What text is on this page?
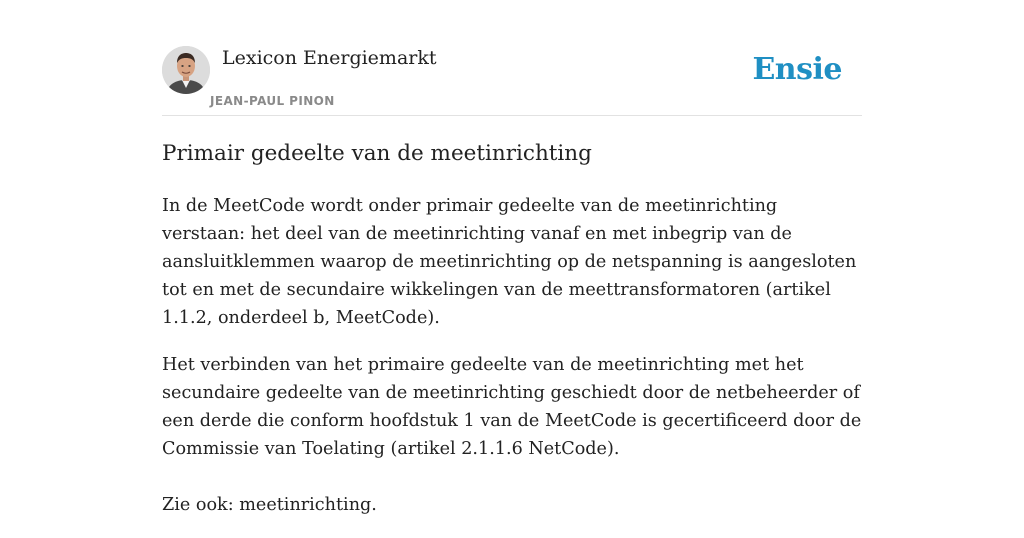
Lexicon Energiemarkt
JEAN-PAUL PINON
Ensie
Primair gedeelte van de meetinrichting

In de MeetCode wordt onder primair gedeelte van de meetinrichting verstaan: het deel van de meetinrichting vanaf en met inbegrip van de aansluitklemmen waarop de meetinrichting op de netspanning is aangesloten tot en met de secundaire wikkelingen van de meettransformatoren (artikel 1.1.2, onderdeel b, MeetCode).

Het verbinden van het primaire gedeelte van de meetinrichting met het secundaire gedeelte van de meetinrichting geschiedt door de netbeheerder of een derde die conform hoofdstuk 1 van de MeetCode is gecertificeerd door de Commissie van Toelating (artikel 2.1.1.6 NetCode).

Zie ook: meetinrichting.
